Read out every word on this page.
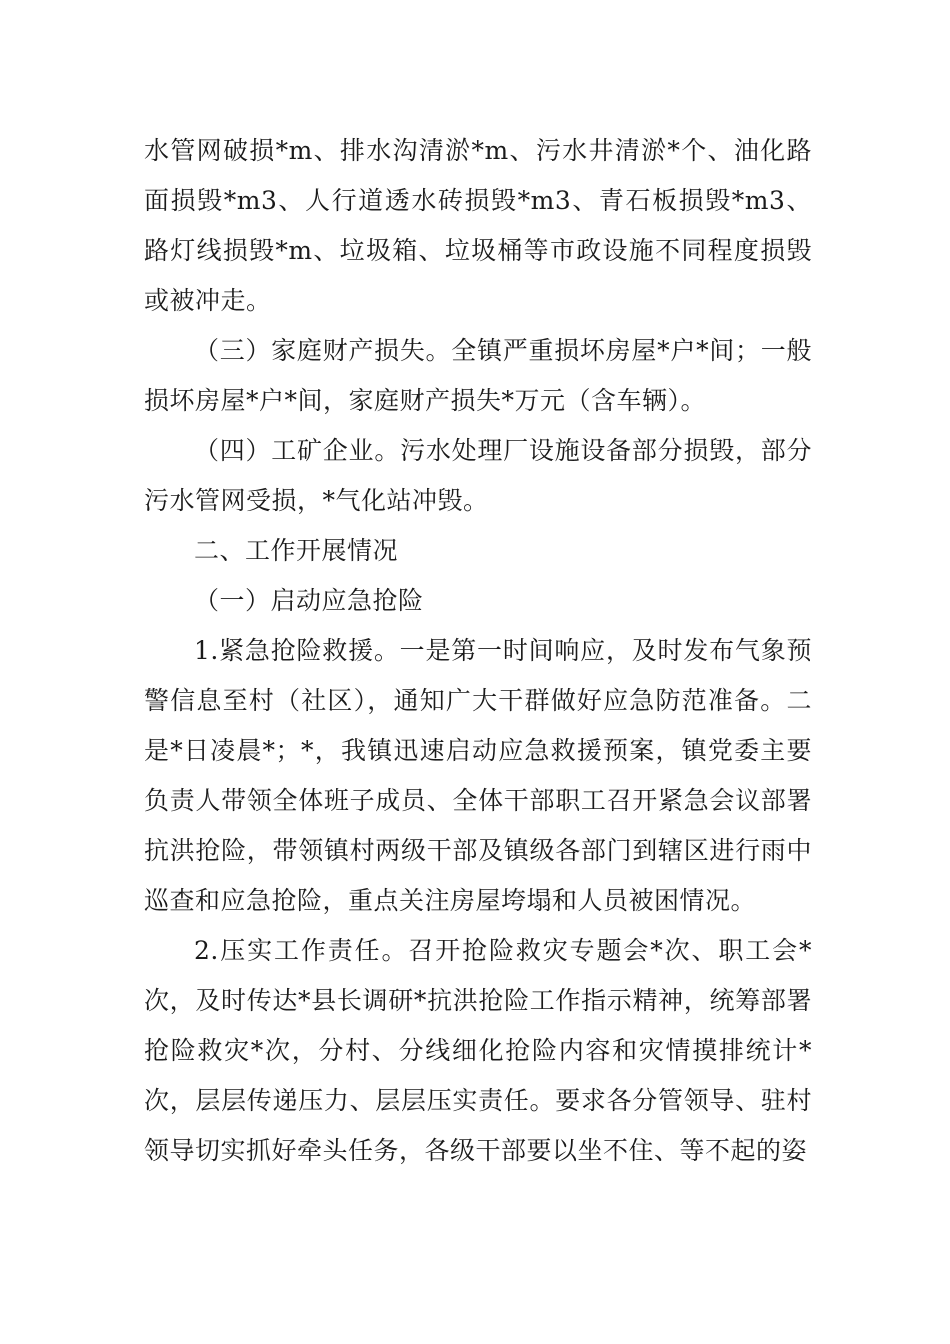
水管网破损*m、排水沟清淤*m、污水井清淤*个、油化路面损毁*m3、人行道透水砖损毁*m3、青石板损毁*m3、路灯线损毁*m、垃圾箱、垃圾桶等市政设施不同程度损毁或被冲走。

（三）家庭财产损失。全镇严重损坏房屋*户*间；一般损坏房屋*户*间，家庭财产损失*万元（含车辆）。

（四）工矿企业。污水处理厂设施设备部分损毁，部分污水管网受损，*气化站冲毁。

二、工作开展情况

（一）启动应急抢险

1.紧急抢险救援。一是第一时间响应，及时发布气象预警信息至村（社区），通知广大干群做好应急防范准备。二是*日凌晨*；*，我镇迅速启动应急救援预案，镇党委主要负责人带领全体班子成员、全体干部职工召开紧急会议部署抗洪抢险，带领镇村两级干部及镇级各部门到辖区进行雨中巡查和应急抢险，重点关注房屋垮塌和人员被困情况。

2.压实工作责任。召开抢险救灾专题会*次、职工会*次，及时传达*县长调研*抗洪抢险工作指示精神，统筹部署抢险救灾*次，分村、分线细化抢险内容和灾情摸排统计*次，层层传递压力、层层压实责任。要求各分管领导、驻村领导切实抓好牵头任务，各级干部要以坐不住、等不起的姿
